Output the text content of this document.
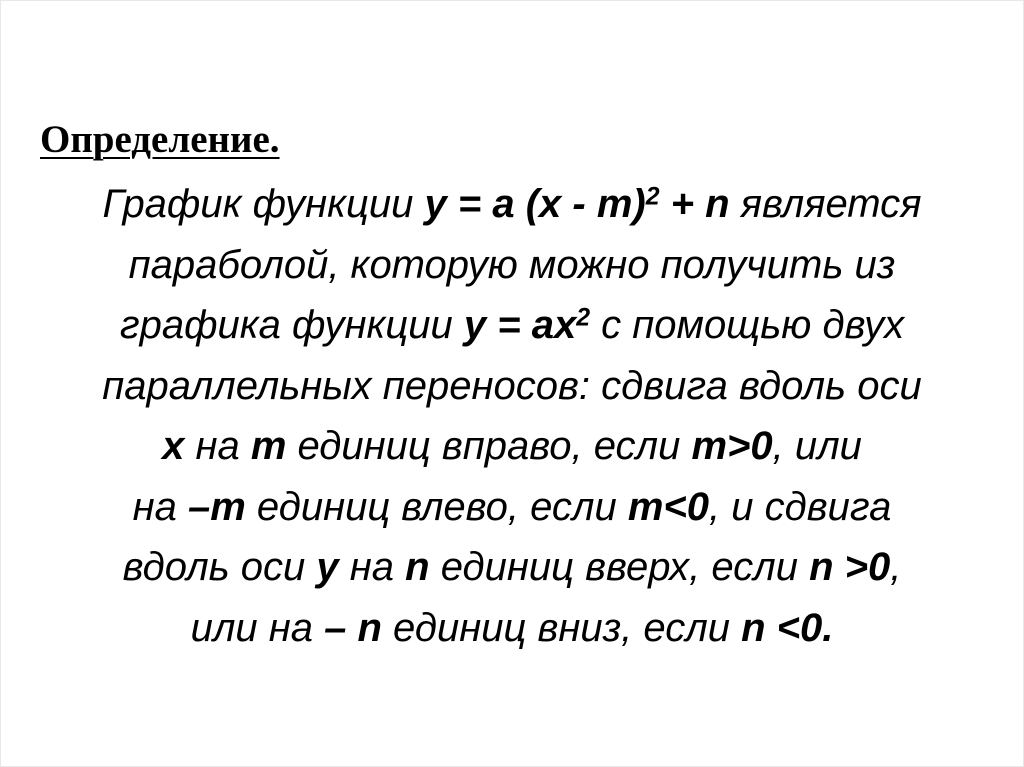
Определение.

График функции y = a (x - m)$^2$ + n является
параболой, которую можно получить из
графика функции $y = ax^2$ с помощью двух
параллельных переносов: сдвига вдоль оси
x на m единиц вправо, если m>0, или
на –m единиц влево, если m<0, и сдвига
вдоль оси y на n единиц вверх, если n >0,
или на – n единиц вниз, если n <0.
